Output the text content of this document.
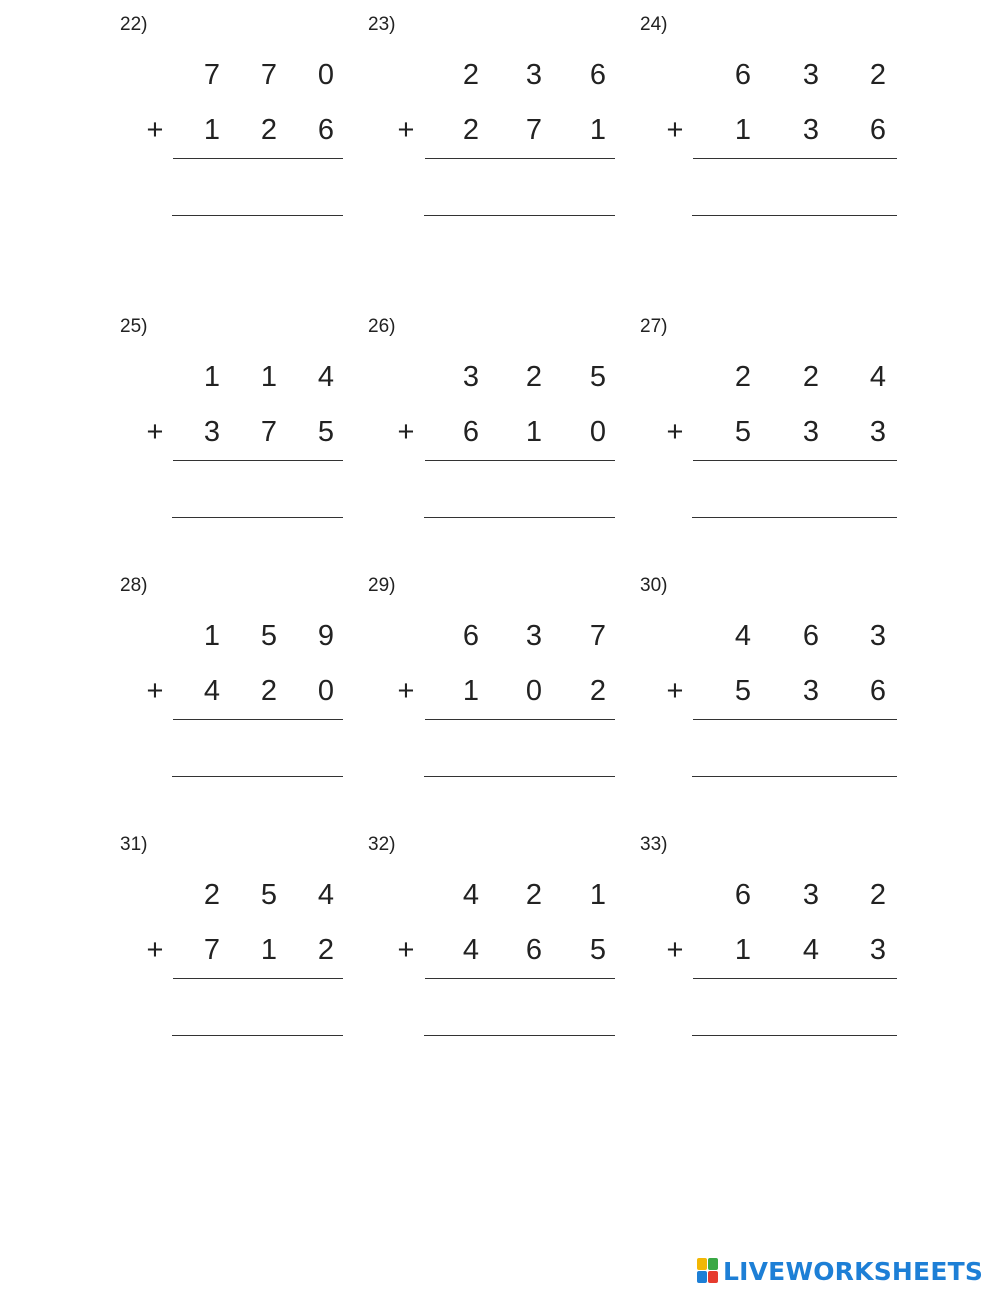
22)
7 7 0
+ 1 2 6
23)
2 3 6
+ 2 7 1
24)
6 3 2
+ 1 3 6
25)
1 1 4
+ 3 7 5
26)
3 2 5
+ 6 1 0
27)
2 2 4
+ 5 3 3
28)
1 5 9
+ 4 2 0
29)
6 3 7
+ 1 0 2
30)
4 6 3
+ 5 3 6
31)
2 5 4
+ 7 1 2
32)
4 2 1
+ 4 6 5
33)
6 3 2
+ 1 4 3
LIVEWORKSHEETS
